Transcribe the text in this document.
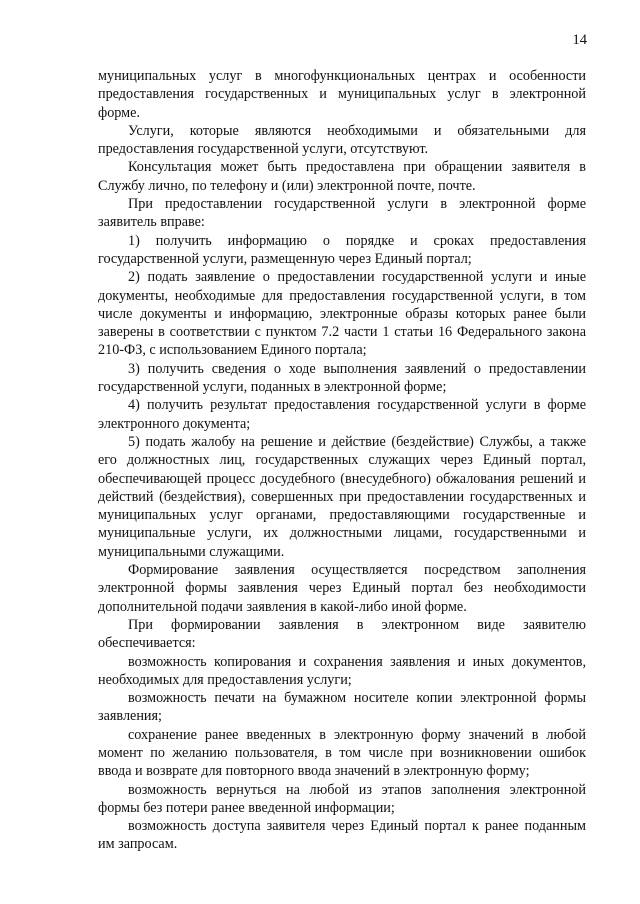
14

муниципальных услуг в многофункциональных центрах и особенности предоставления государственных и муниципальных услуг в электронной форме.

Услуги, которые являются необходимыми и обязательными для предоставления государственной услуги, отсутствуют.

Консультация может быть предоставлена при обращении заявителя в Службу лично, по телефону и (или) электронной почте, почте.

При предоставлении государственной услуги в электронной форме заявитель вправе:

1) получить информацию о порядке и сроках предоставления государственной услуги, размещенную через Единый портал;

2) подать заявление о предоставлении государственной услуги и иные документы, необходимые для предоставления государственной услуги, в том числе документы и информацию, электронные образы которых ранее были заверены в соответствии с пунктом 7.2 части 1 статьи 16 Федерального закона 210-ФЗ, с использованием Единого портала;

3) получить сведения о ходе выполнения заявлений о предоставлении государственной услуги, поданных в электронной форме;

4) получить результат предоставления государственной услуги в форме электронного документа;

5) подать жалобу на решение и действие (бездействие) Службы, а также его должностных лиц, государственных служащих через Единый портал, обеспечивающей процесс досудебного (внесудебного) обжалования решений и действий (бездействия), совершенных при предоставлении государственных и муниципальных услуг органами, предоставляющими государственные и муниципальные услуги, их должностными лицами, государственными и муниципальными служащими.

Формирование заявления осуществляется посредством заполнения электронной формы заявления через Единый портал без необходимости дополнительной подачи заявления в какой-либо иной форме.

При формировании заявления в электронном виде заявителю обеспечивается:

возможность копирования и сохранения заявления и иных документов, необходимых для предоставления услуги;

возможность печати на бумажном носителе копии электронной формы заявления;

сохранение ранее введенных в электронную форму значений в любой момент по желанию пользователя, в том числе при возникновении ошибок ввода и возврате для повторного ввода значений в электронную форму;

возможность вернуться на любой из этапов заполнения электронной формы без потери ранее введенной информации;

возможность доступа заявителя через Единый портал к ранее поданным им запросам.
